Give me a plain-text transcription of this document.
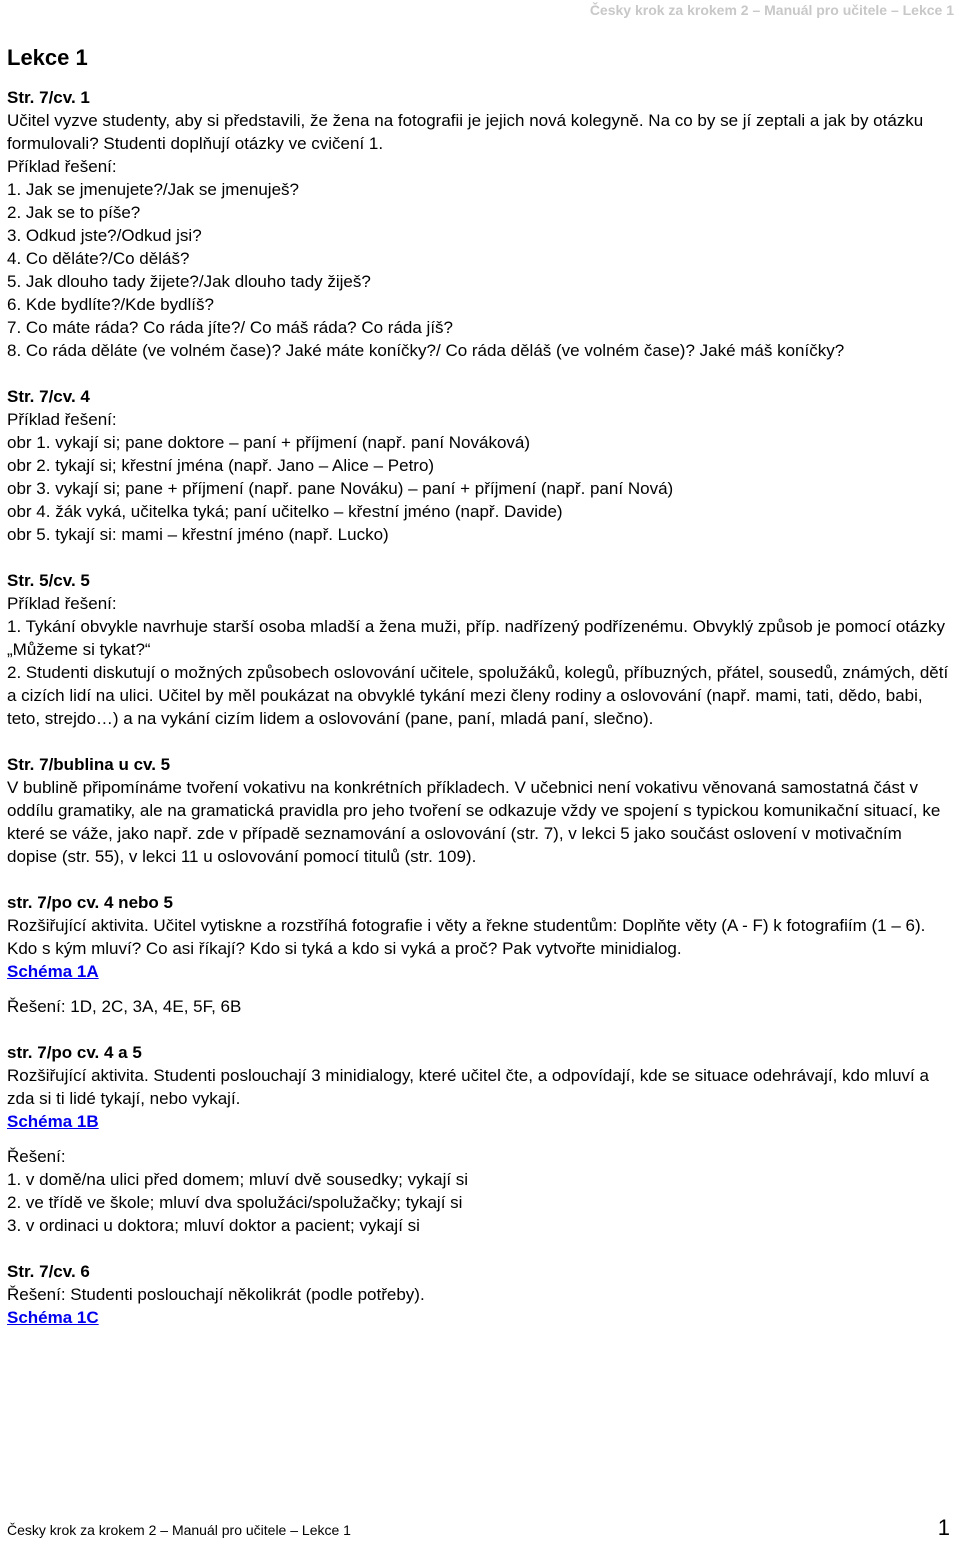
Česky krok za krokem 2 – Manuál pro učitele – Lekce 1
Lekce 1
Str. 7/cv. 1
Učitel vyzve studenty, aby si představili, že žena na fotografii je jejich nová kolegyně. Na co by se jí zeptali a jak by otázku formulovali? Studenti doplňují otázky ve cvičení 1.
Příklad řešení:
1. Jak se jmenujete?/Jak se jmenuješ?
2. Jak se to píše?
3. Odkud jste?/Odkud jsi?
4. Co děláte?/Co děláš?
5. Jak dlouho tady žijete?/Jak dlouho tady žiješ?
6. Kde bydlíte?/Kde bydlíš?
7. Co máte ráda? Co ráda jíte?/ Co máš ráda? Co ráda jíš?
8. Co ráda děláte (ve volném čase)? Jaké máte koníčky?/ Co ráda děláš (ve volném čase)? Jaké máš koníčky?
Str. 7/cv. 4
Příklad řešení:
obr 1. vykají si; pane doktore – paní + příjmení (např. paní Nováková)
obr 2. tykají si; křestní jména (např. Jano – Alice – Petro)
obr 3. vykají si; pane + příjmení (např. pane Nováku) – paní + příjmení (např. paní Nová)
obr 4. žák vyká, učitelka tyká; paní učitelko – křestní jméno (např. Davide)
obr 5. tykají si: mami – křestní jméno (např. Lucko)
Str. 5/cv. 5
Příklad řešení:
1. Tykání obvykle navrhuje starší osoba mladší a žena muži, příp. nadřízený podřízenému. Obvyklý způsob je pomocí otázky „Můžeme si tykat?“
2. Studenti diskutují o možných způsobech oslovování učitele, spolužáků, kolegů, příbuzných, přátel, sousedů, známých, dětí a cizích lidí na ulici. Učitel by měl poukázat na obvyklé tykání mezi členy rodiny a oslovování (např. mami, tati, dědo, babi, teto, strejdo…) a na vykání cizím lidem a oslovování (pane, paní, mladá paní, slečno).
Str. 7/bublina u cv. 5
V bublině připomínáme tvoření vokativu na konkrétních příkladech. V učebnici není vokativu věnovaná samostatná část v oddílu gramatiky, ale na gramatická pravidla pro jeho tvoření se odkazuje vždy ve spojení s typickou komunikační situací, ke které se váže, jako např. zde v případě seznamování a oslovování (str. 7), v lekci 5 jako součást oslovení v motivačním dopise (str. 55), v lekci 11 u oslovování pomocí titulů (str. 109).
str. 7/po cv. 4 nebo 5
Rozšiřující aktivita. Učitel vytiskne a rozstříhá fotografie i věty a řekne studentům: Doplňte věty (A - F) k fotografiím (1 – 6). Kdo s kým mluví? Co asi říkají? Kdo si tyká a kdo si vyká a proč? Pak vytvořte minidialog.
Schéma 1A
Řešení: 1D, 2C, 3A, 4E, 5F, 6B
str. 7/po cv. 4 a 5
Rozšiřující aktivita. Studenti poslouchají 3 minidialogy, které učitel čte, a odpovídají, kde se situace odehrávají, kdo mluví a zda si ti lidé tykají, nebo vykají.
Schéma 1B
Řešení:
1. v domě/na ulici před domem; mluví dvě sousedky; vykají si
2. ve třídě ve škole; mluví dva spolužáci/spolužačky; tykají si
3. v ordinaci u doktora; mluví doktor a pacient; vykají si
Str. 7/cv. 6
Řešení: Studenti poslouchají několikrát (podle potřeby).
Schéma 1C
Česky krok za krokem 2 – Manuál pro učitele – Lekce 1	1
